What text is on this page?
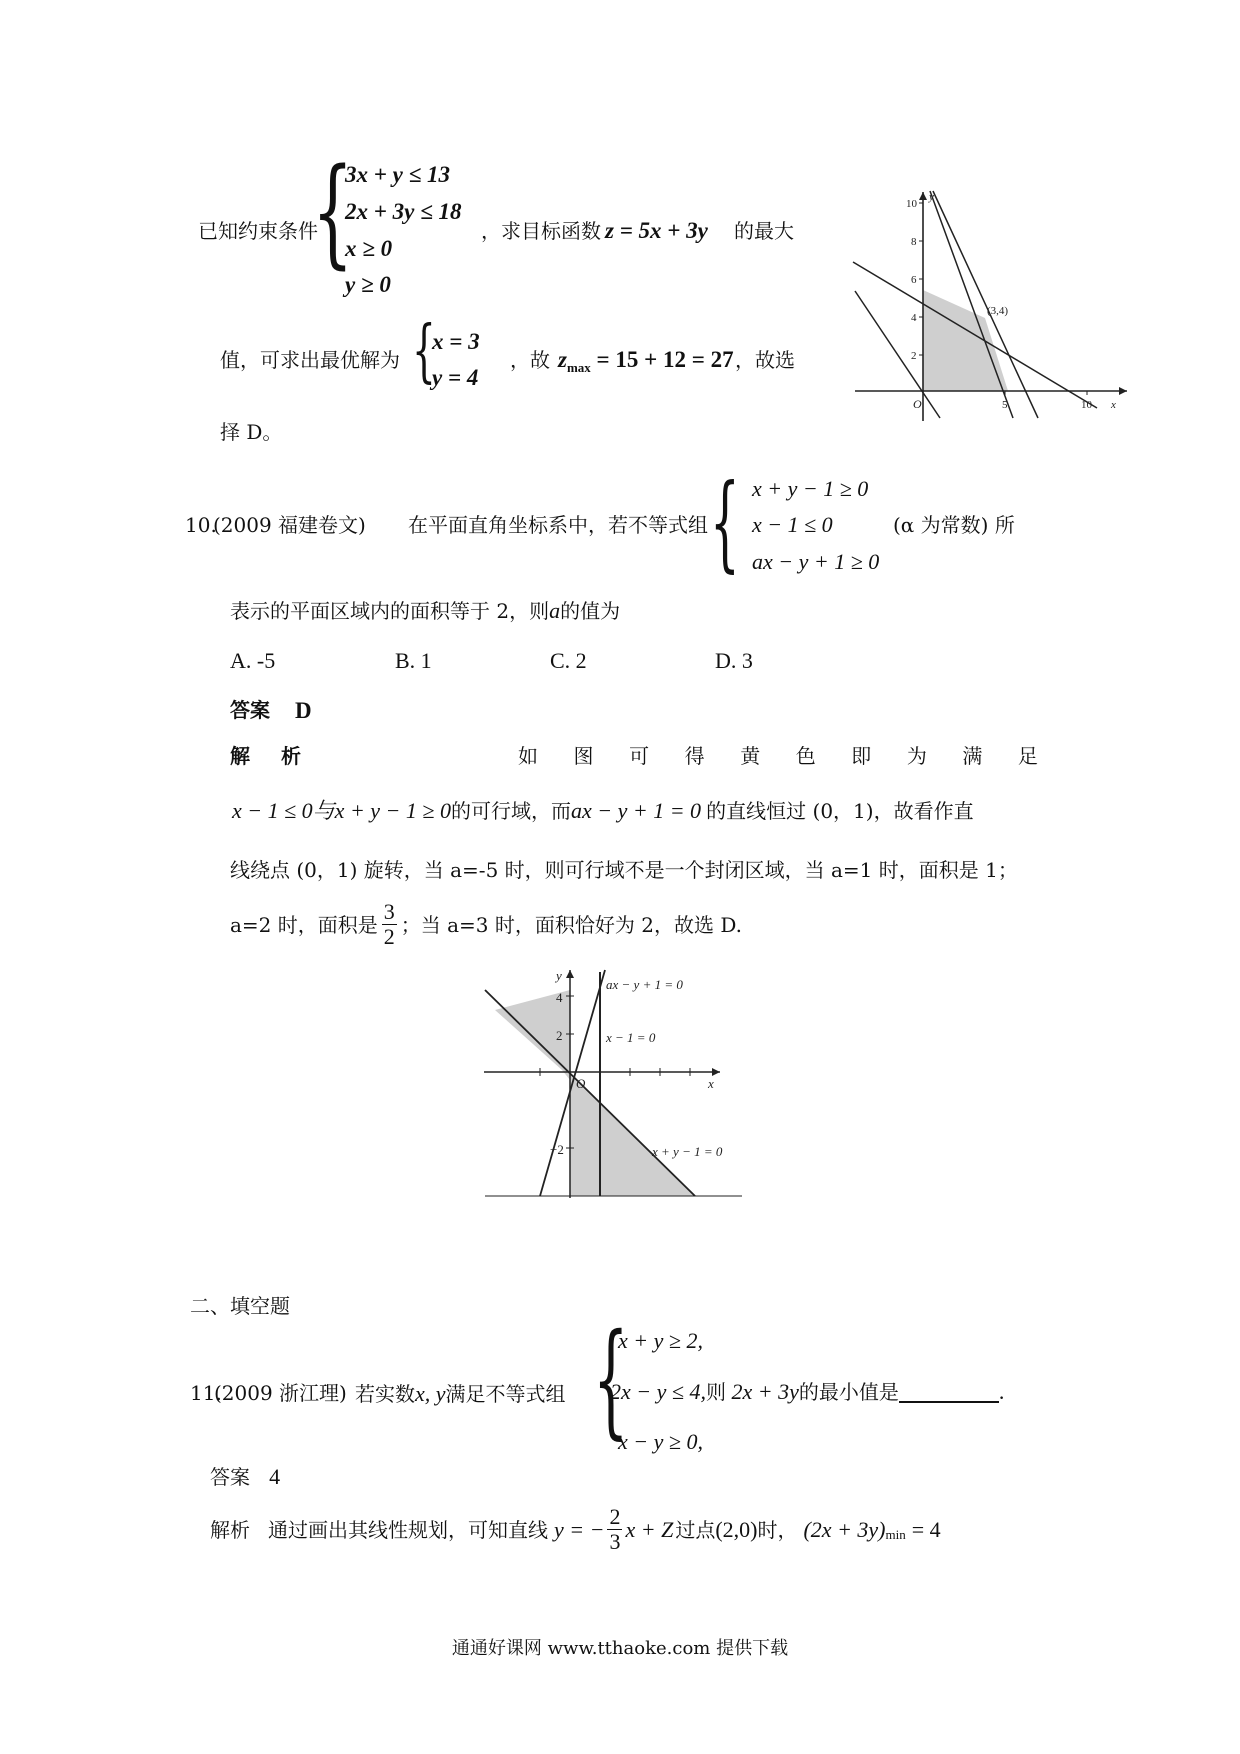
已知约束条件
{
3x + y ≤ 13
2x + 3y ≤ 18
x ≥ 0
y ≥ 0
，求目标函数 z = 5x + 3y 的最大
值，可求出最优解为 {
x = 3
y = 4
，故 $z_{max} = 15 + 12 = 27$ ，故选
择 D。
2
4
6
8
10
5	10
O	x
y
(3,4)
10.
(2009 福建卷文) 在平面直角坐标系中，若不等式组 { x + y − 1 ≥ 0
x − 1 ≤ 0
ax − y + 1 ≥ 0
(α 为常数) 所
表示的平面区域内的面积等于 2，则a的值为
A. -5	B. 1	C. 2	D. 3
答案 D
解 析	如 图 可 得 黄 色 即 为 满 足
x − 1 ≤ 0与x + y − 1 ≥ 0的可行域，而ax − y + 1 = 0 的直线恒过 (0，1)，故看作直
线绕点 (0，1) 旋转，当 a=-5 时，则可行域不是一个封闭区域，当 a=1 时，面积是 1；
a=2 时，面积是 $\frac{3}{2}$ ；当 a=3 时，面积恰好为 2，故选 D.
4
2
−2
O	x
y
ax − y + 1 = 0
x − 1 = 0
x + y − 1 = 0
二、填空题
11.
(2009 浙江理) 若实数x, y满足不等式组 {
x + y ≥ 2,
2x − y ≤ 4,则 2x + 3y的最小值是	.
x − y ≥ 0,
答案 4
解析 通过画出其线性规划，可知直线 y = − $\frac{2}{3}$ x + Z 过点 (2,0) 时， (2x + 3y) min = 4
通通好课网 www.tthaoke.com 提供下载
